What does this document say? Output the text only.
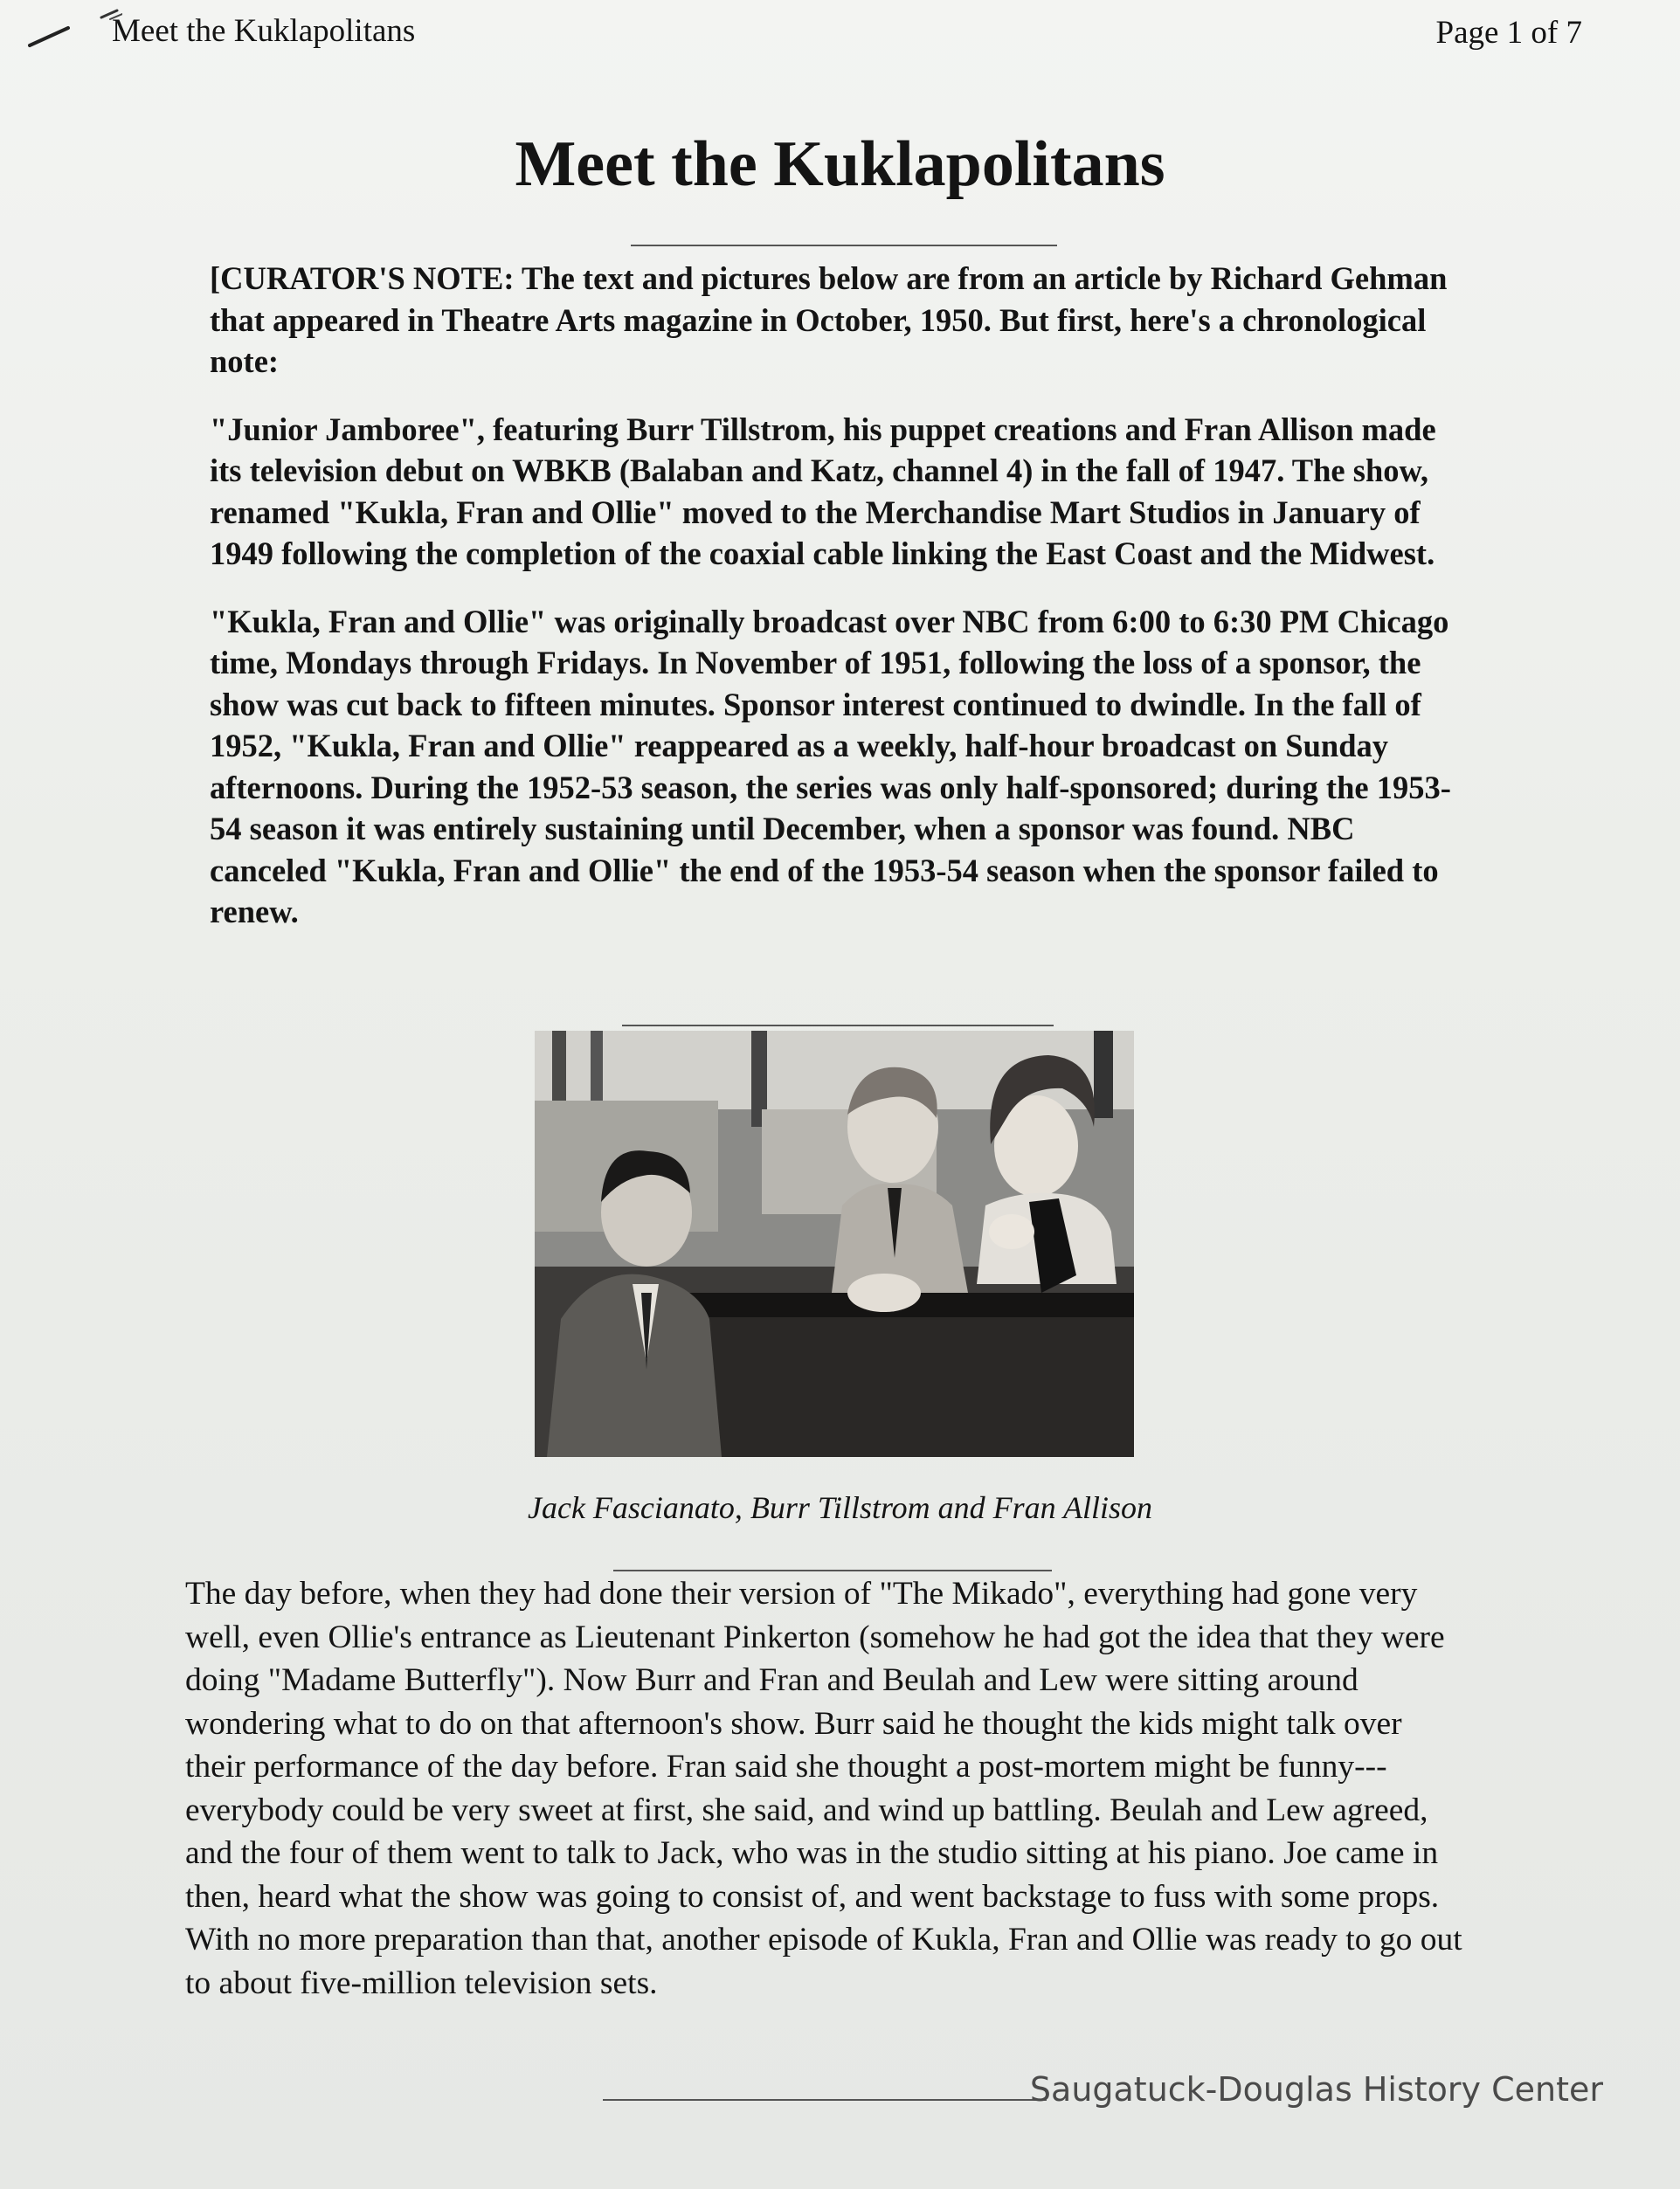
Meet the Kuklapolitans	Page 1 of 7
Meet the Kuklapolitans

[CURATOR'S NOTE: The text and pictures below are from an article by Richard Gehman that appeared in Theatre Arts magazine in October, 1950. But first, here's a chronological note:

"Junior Jamboree", featuring Burr Tillstrom, his puppet creations and Fran Allison made its television debut on WBKB (Balaban and Katz, channel 4) in the fall of 1947. The show, renamed "Kukla, Fran and Ollie" moved to the Merchandise Mart Studios in January of 1949 following the completion of the coaxial cable linking the East Coast and the Midwest.

"Kukla, Fran and Ollie" was originally broadcast over NBC from 6:00 to 6:30 PM Chicago time, Mondays through Fridays. In November of 1951, following the loss of a sponsor, the show was cut back to fifteen minutes. Sponsor interest continued to dwindle. In the fall of 1952, "Kukla, Fran and Ollie" reappeared as a weekly, half-hour broadcast on Sunday afternoons. During the 1952-53 season, the series was only half-sponsored; during the 1953-54 season it was entirely sustaining until December, when a sponsor was found. NBC canceled "Kukla, Fran and Ollie" the end of the 1953-54 season when the sponsor failed to renew.

Jack Fascianato, Burr Tillstrom and Fran Allison
The day before, when they had done their version of "The Mikado", everything had gone very well, even Ollie's entrance as Lieutenant Pinkerton (somehow he had got the idea that they were doing "Madame Butterfly"). Now Burr and Fran and Beulah and Lew were sitting around wondering what to do on that afternoon's show. Burr said he thought the kids might talk over their performance of the day before. Fran said she thought a post-mortem might be funny---everybody could be very sweet at first, she said, and wind up battling. Beulah and Lew agreed, and the four of them went to talk to Jack, who was in the studio sitting at his piano. Joe came in then, heard what the show was going to consist of, and went backstage to fuss with some props. With no more preparation than that, another episode of Kukla, Fran and Ollie was ready to go out to about five-million television sets.
Saugatuck-Douglas History Center
